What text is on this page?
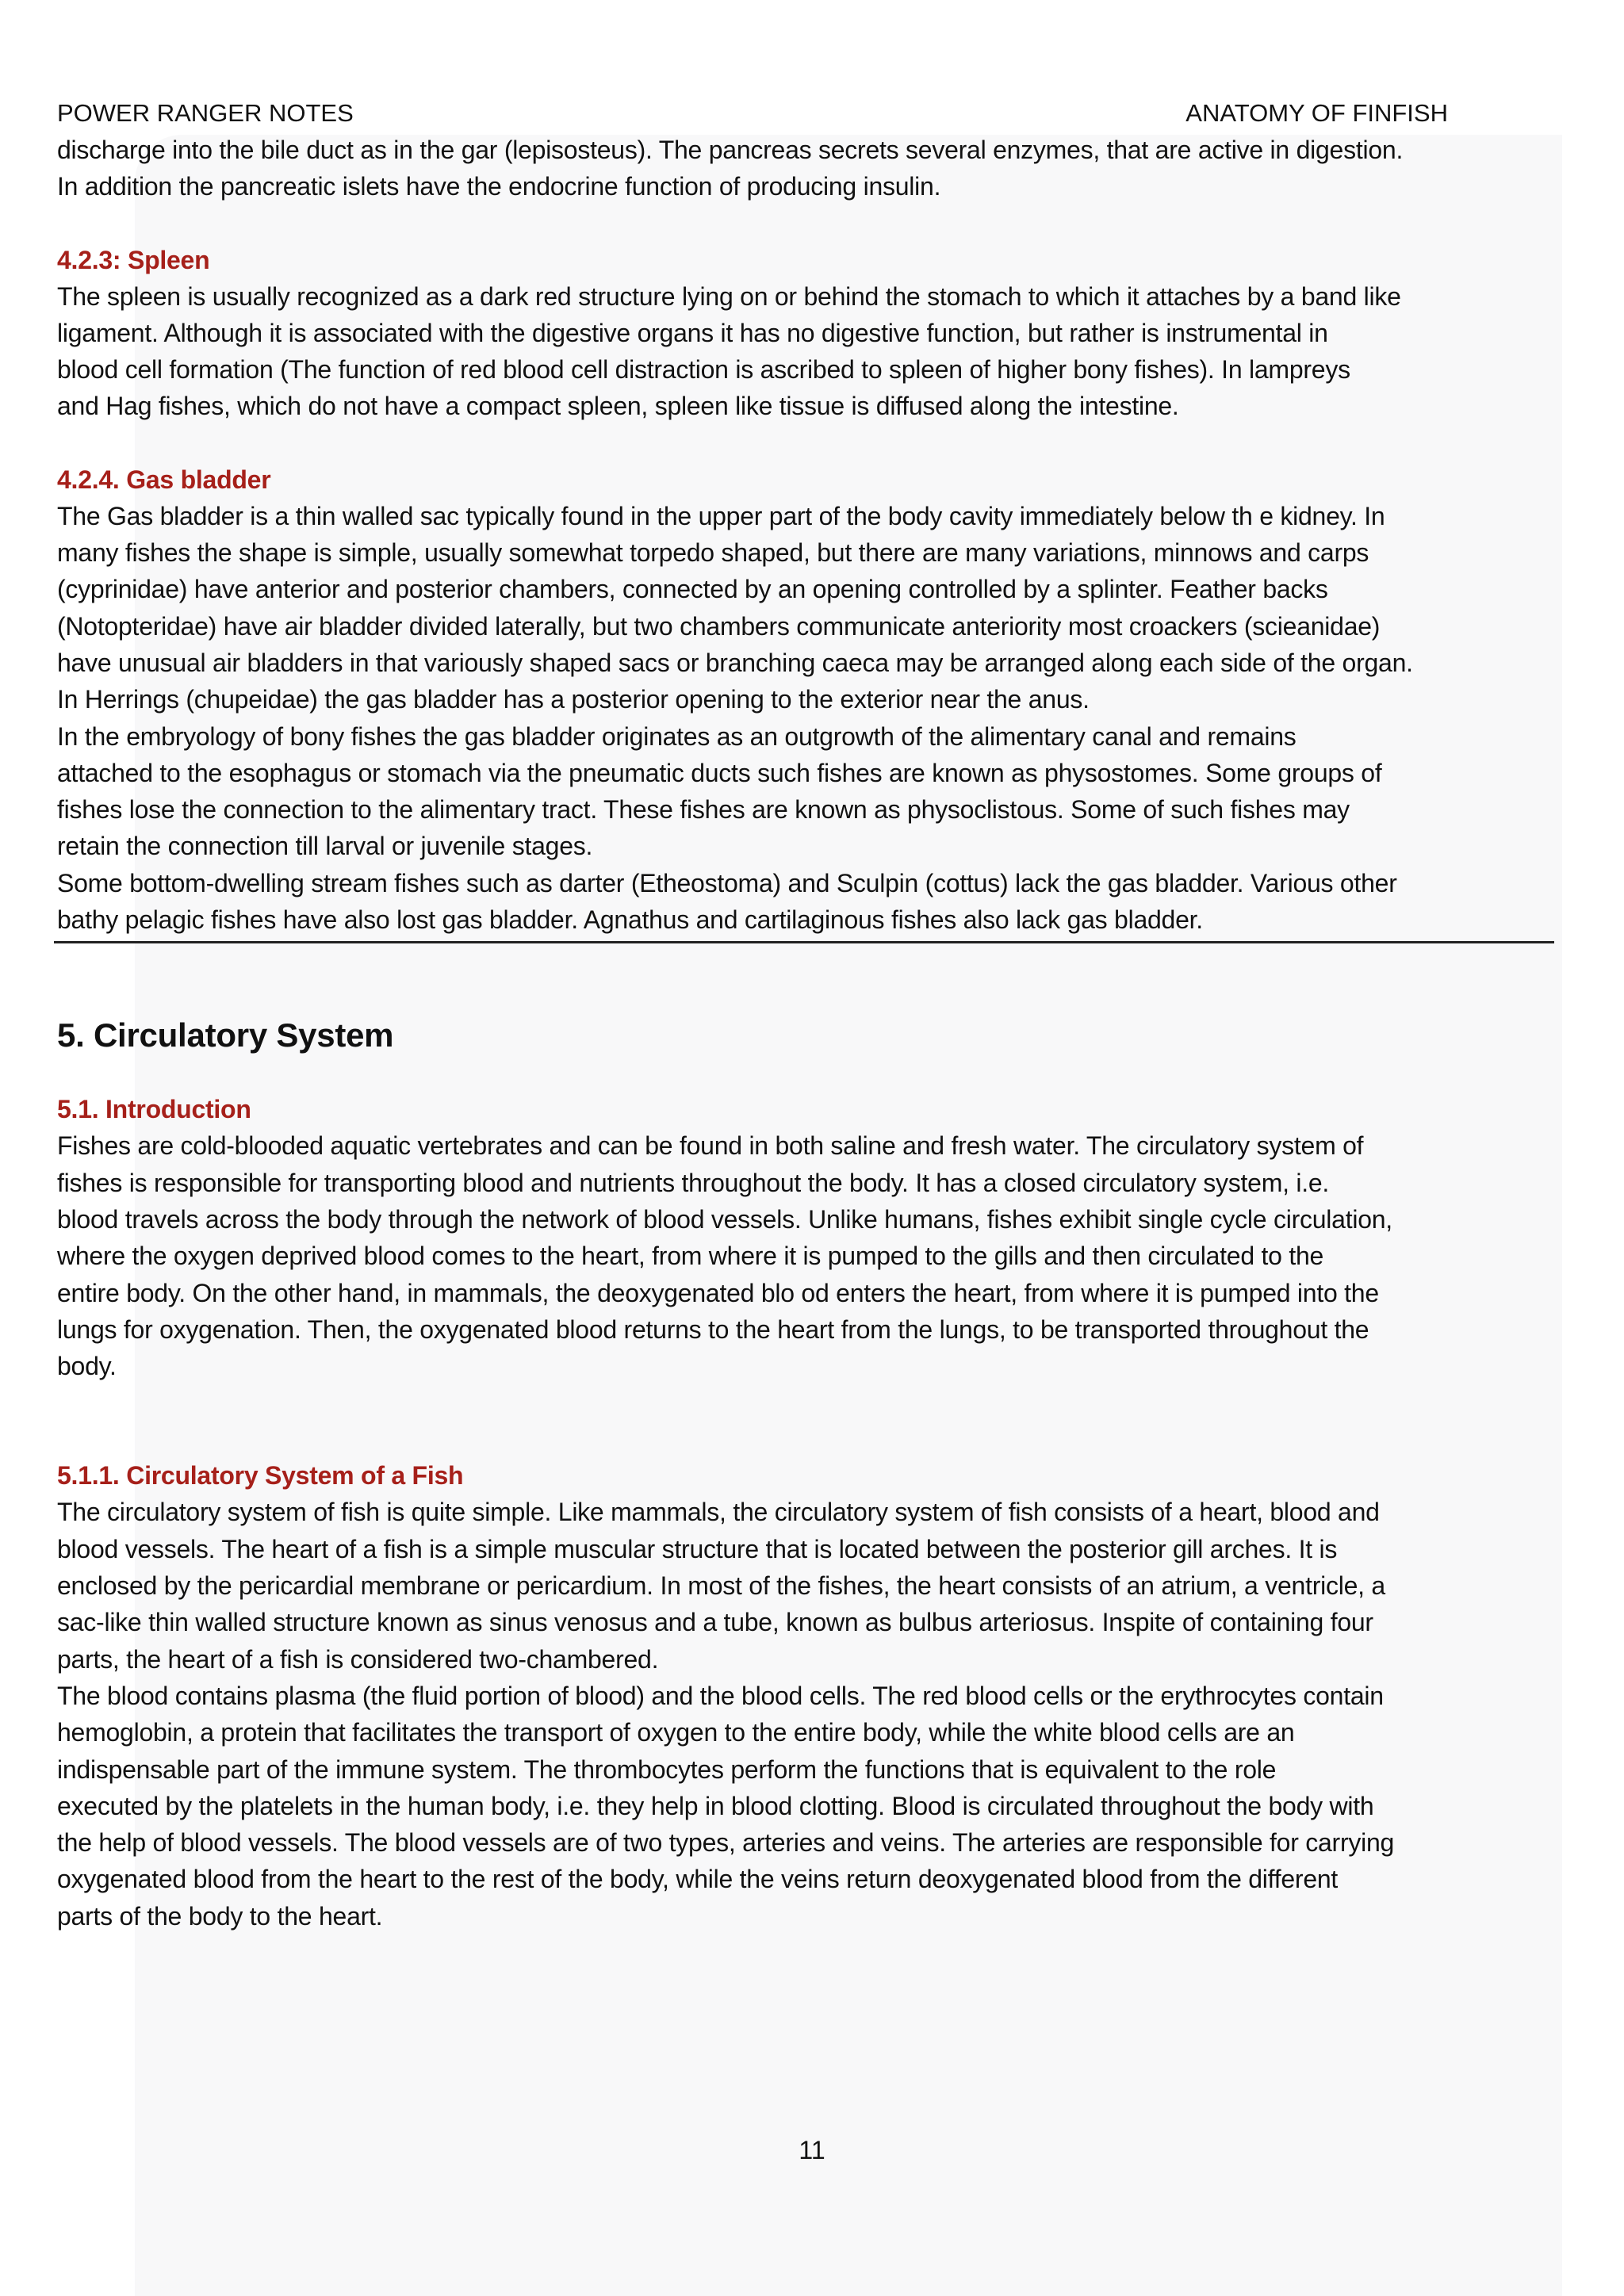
POWER RANGER NOTES	ANATOMY OF FINFISH

discharge into the bile duct as in the gar (lepisosteus). The pancreas secrets several enzymes, that are active in digestion.

In addition the pancreatic islets have the endocrine function of producing insulin.

4.2.3: Spleen

The spleen is usually recognized as a dark red structure lying on or behind the stomach to which it attaches by a band like

ligament. Although it is associated with the digestive organs it has no digestive function, but rather is instrumental in

blood cell formation (The function of red blood cell distraction is ascribed to spleen of higher bony fishes). In lampreys

and Hag fishes, which do not have a compact spleen, spleen like tissue is diffused along the intestine.

4.2.4. Gas bladder

The Gas bladder is a thin walled sac typically found in the upper part of the body cavity immediately below th e kidney. In

many fishes the shape is simple, usually somewhat torpedo shaped, but there are many variations, minnows and carps

(cyprinidae) have anterior and posterior chambers, connected by an opening controlled by a splinter. Feather backs

(Notopteridae) have air bladder divided laterally, but two chambers communicate anteriority most croackers (scieanidae)

have unusual air bladders in that variously shaped sacs or branching caeca may be arranged along each side of the organ.

In Herrings (chupeidae) the gas bladder has a posterior opening to the exterior near the anus.

In the embryology of bony fishes the gas bladder originates as an outgrowth of the alimentary canal and remains

attached to the esophagus or stomach via the pneumatic ducts such fishes are known as physostomes. Some groups of

fishes lose the connection to the alimentary tract. These fishes are known as physoclistous. Some of such fishes may

retain the connection till larval or juvenile stages.

Some bottom-dwelling stream fishes such as darter (Etheostoma) and Sculpin (cottus) lack the gas bladder. Various other

bathy pelagic fishes have also lost gas bladder. Agnathus and cartilaginous fishes also lack gas bladder.

5. Circulatory System

5.1. Introduction

Fishes are cold-blooded aquatic vertebrates and can be found in both saline and fresh water. The circulatory system of

fishes is responsible for transporting blood and nutrients throughout the body. It has a closed circulatory system, i.e.

blood travels across the body through the network of blood vessels. Unlike humans, fishes exhibit single cycle circulation,

where the oxygen deprived blood comes to the heart, from where it is pumped to the gills and then circulated to the

entire body. On the other hand, in mammals, the deoxygenated blo od enters the heart, from where it is pumped into the

lungs for oxygenation. Then, the oxygenated blood returns to the heart from the lungs, to be transported throughout the

body.

5.1.1. Circulatory System of a Fish

The circulatory system of fish is quite simple. Like mammals, the circulatory system of fish consists of a heart, blood and

blood vessels. The heart of a fish is a simple muscular structure that is located between the posterior gill arches. It is

enclosed by the pericardial membrane or pericardium. In most of the fishes, the heart consists of an atrium, a ventricle, a

sac-like thin walled structure known as sinus venosus and a tube, known as bulbus arteriosus. Inspite of containing four

parts, the heart of a fish is considered two-chambered.

The blood contains plasma (the fluid portion of blood) and the blood cells. The red blood cells or the erythrocytes contain

hemoglobin, a protein that facilitates the transport of oxygen to the entire body, while the white blood cells are an

indispensable part of the immune system. The thrombocytes perform the functions that is equivalent to the role

executed by the platelets in the human body, i.e. they help in blood clotting. Blood is circulated throughout the body with

the help of blood vessels. The blood vessels are of two types, arteries and veins. The arteries are responsible for carrying

oxygenated blood from the heart to the rest of the body, while the veins return deoxygenated blood from the different

parts of the body to the heart.

11
